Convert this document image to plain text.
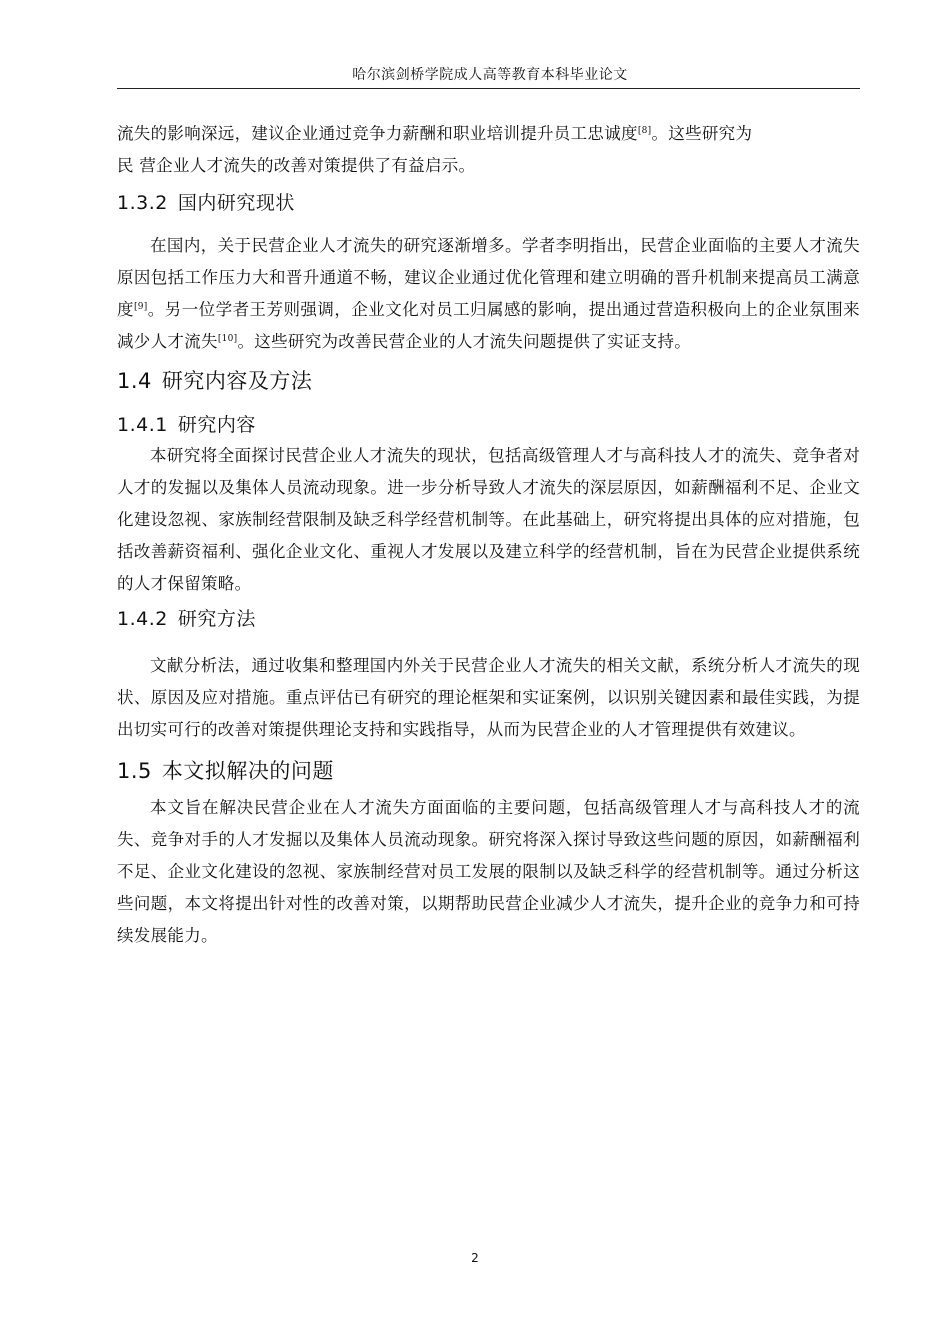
哈尔滨剑桥学院成人高等教育本科毕业论文

流失的影响深远，建议企业通过竞争力薪酬和职业培训提升员工忠诚度[8]。这些研究为
民 营企业人才流失的改善对策提供了有益启示。

1.3.2 国内研究现状

在国内，关于民营企业人才流失的研究逐渐增多。学者李明指出，民营企业面临的主要人才流失原因包括工作压力大和晋升通道不畅，建议企业通过优化管理和建立明确的晋升机制来提高员工满意度[9]。另一位学者王芳则强调，企业文化对员工归属感的影响，提出通过营造积极向上的企业氛围来减少人才流失[10]。这些研究为改善民营企业的人才流失问题提供了实证支持。

1.4 研究内容及方法
1.4.1 研究内容

本研究将全面探讨民营企业人才流失的现状，包括高级管理人才与高科技人才的流失、竞争者对人才的发掘以及集体人员流动现象。进一步分析导致人才流失的深层原因，如薪酬福利不足、企业文化建设忽视、家族制经营限制及缺乏科学经营机制等。在此基础上，研究将提出具体的应对措施，包括改善薪资福利、强化企业文化、重视人才发展以及建立科学的经营机制，旨在为民营企业提供系统的人才保留策略。

1.4.2 研究方法

文献分析法，通过收集和整理国内外关于民营企业人才流失的相关文献，系统分析人才流失的现状、原因及应对措施。重点评估已有研究的理论框架和实证案例，以识别关键因素和最佳实践，为提出切实可行的改善对策提供理论支持和实践指导，从而为民营企业的人才管理提供有效建议。

1.5 本文拟解决的问题

本文旨在解决民营企业在人才流失方面面临的主要问题，包括高级管理人才与高科技人才的流失、竞争对手的人才发掘以及集体人员流动现象。研究将深入探讨导致这些问题的原因，如薪酬福利不足、企业文化建设的忽视、家族制经营对员工发展的限制以及缺乏科学的经营机制等。通过分析这些问题，本文将提出针对性的改善对策，以期帮助民营企业减少人才流失，提升企业的竞争力和可持续发展能力。

2
